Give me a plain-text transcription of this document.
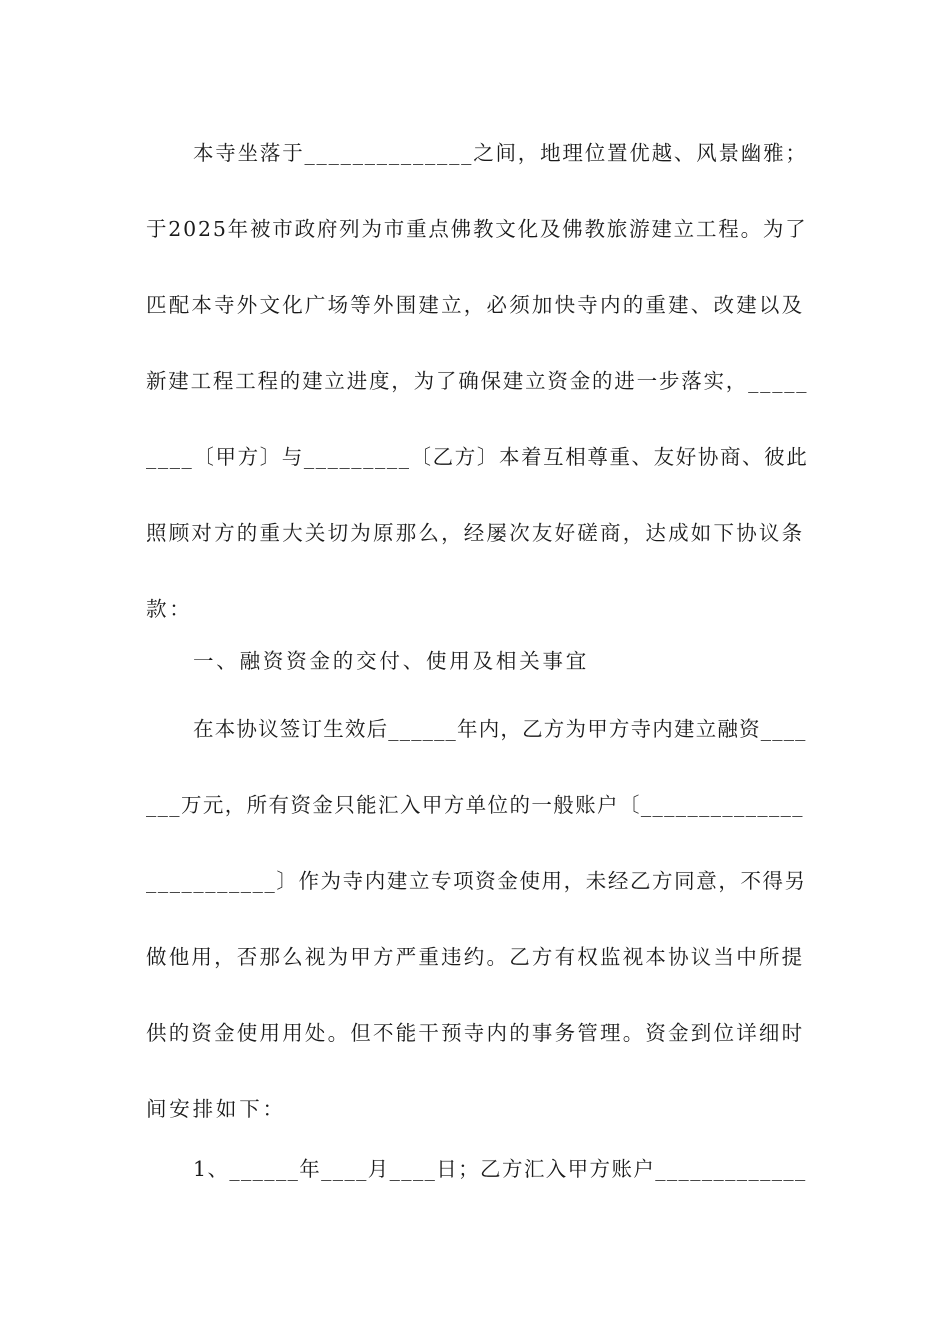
本寺坐落于______________之间，地理位置优越、风景幽雅；
于2025年被市政府列为市重点佛教文化及佛教旅游建立工程。为了
匹配本寺外文化广场等外围建立，必须加快寺内的重建、改建以及
新建工程工程的建立进度，为了确保建立资金的进一步落实，_____
____〔甲方〕与_________〔乙方〕本着互相尊重、友好协商、彼此
照顾对方的重大关切为原那么，经屡次友好磋商，达成如下协议条
款：
一、融资资金的交付、使用及相关事宜
在本协议签订生效后______年内，乙方为甲方寺内建立融资____
___万元，所有资金只能汇入甲方单位的一般账户〔______________
___________〕作为寺内建立专项资金使用，未经乙方同意，不得另
做他用，否那么视为甲方严重违约。乙方有权监视本协议当中所提
供的资金使用用处。但不能干预寺内的事务管理。资金到位详细时
间安排如下：
1、______年____月____日；乙方汇入甲方账户_____________
